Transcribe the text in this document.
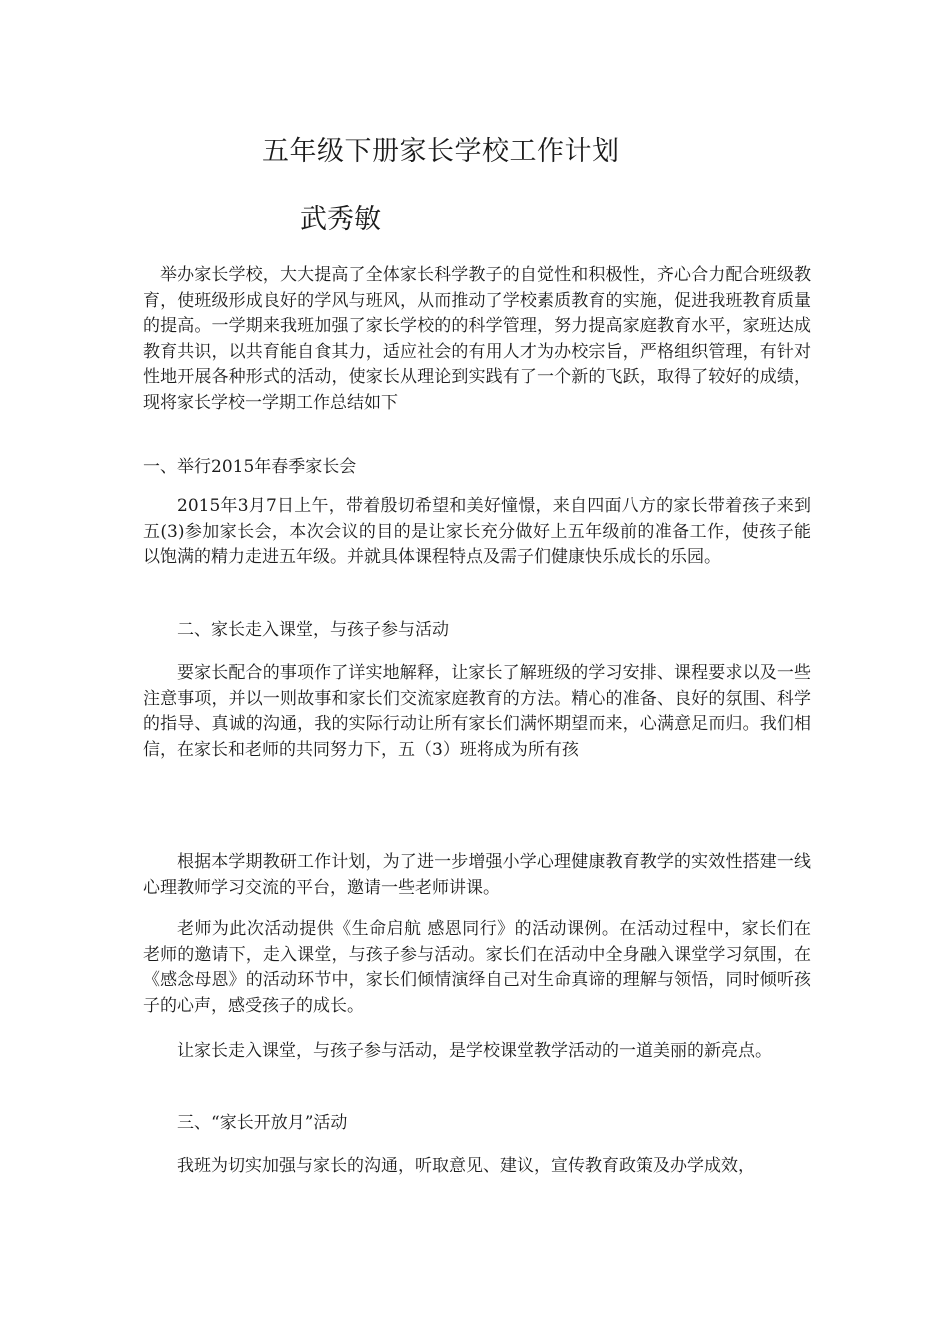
五年级下册家长学校工作计划
武秀敏

举办家长学校，大大提高了全体家长科学教子的自觉性和积极性，齐心合力配合班级教育，使班级形成良好的学风与班风，从而推动了学校素质教育的实施，促进我班教育质量的提高。一学期来我班加强了家长学校的的科学管理，努力提高家庭教育水平，家班达成教育共识，以共育能自食其力，适应社会的有用人才为办校宗旨，严格组织管理，有针对性地开展各种形式的活动，使家长从理论到实践有了一个新的飞跃，取得了较好的成绩，现将家长学校一学期工作总结如下

一、举行2015年春季家长会

2015年3月7日上午，带着殷切希望和美好憧憬，来自四面八方的家长带着孩子来到五(3)参加家长会，本次会议的目的是让家长充分做好上五年级前的准备工作，使孩子能以饱满的精力走进五年级。并就具体课程特点及需子们健康快乐成长的乐园。

二、家长走入课堂，与孩子参与活动

要家长配合的事项作了详实地解释，让家长了解班级的学习安排、课程要求以及一些注意事项，并以一则故事和家长们交流家庭教育的方法。精心的准备、良好的氛围、科学的指导、真诚的沟通，我的实际行动让所有家长们满怀期望而来，心满意足而归。我们相信，在家长和老师的共同努力下，五（3）班将成为所有孩

根据本学期教研工作计划，为了进一步增强小学心理健康教育教学的实效性搭建一线心理教师学习交流的平台，邀请一些老师讲课。

老师为此次活动提供《生命启航 感恩同行》的活动课例。在活动过程中，家长们在老师的邀请下，走入课堂，与孩子参与活动。家长们在活动中全身融入课堂学习氛围，在《感念母恩》的活动环节中，家长们倾情演绎自己对生命真谛的理解与领悟，同时倾听孩子的心声，感受孩子的成长。

让家长走入课堂，与孩子参与活动，是学校课堂教学活动的一道美丽的新亮点。

三、“家长开放月”活动

我班为切实加强与家长的沟通，听取意见、建议，宣传教育政策及办学成效，
